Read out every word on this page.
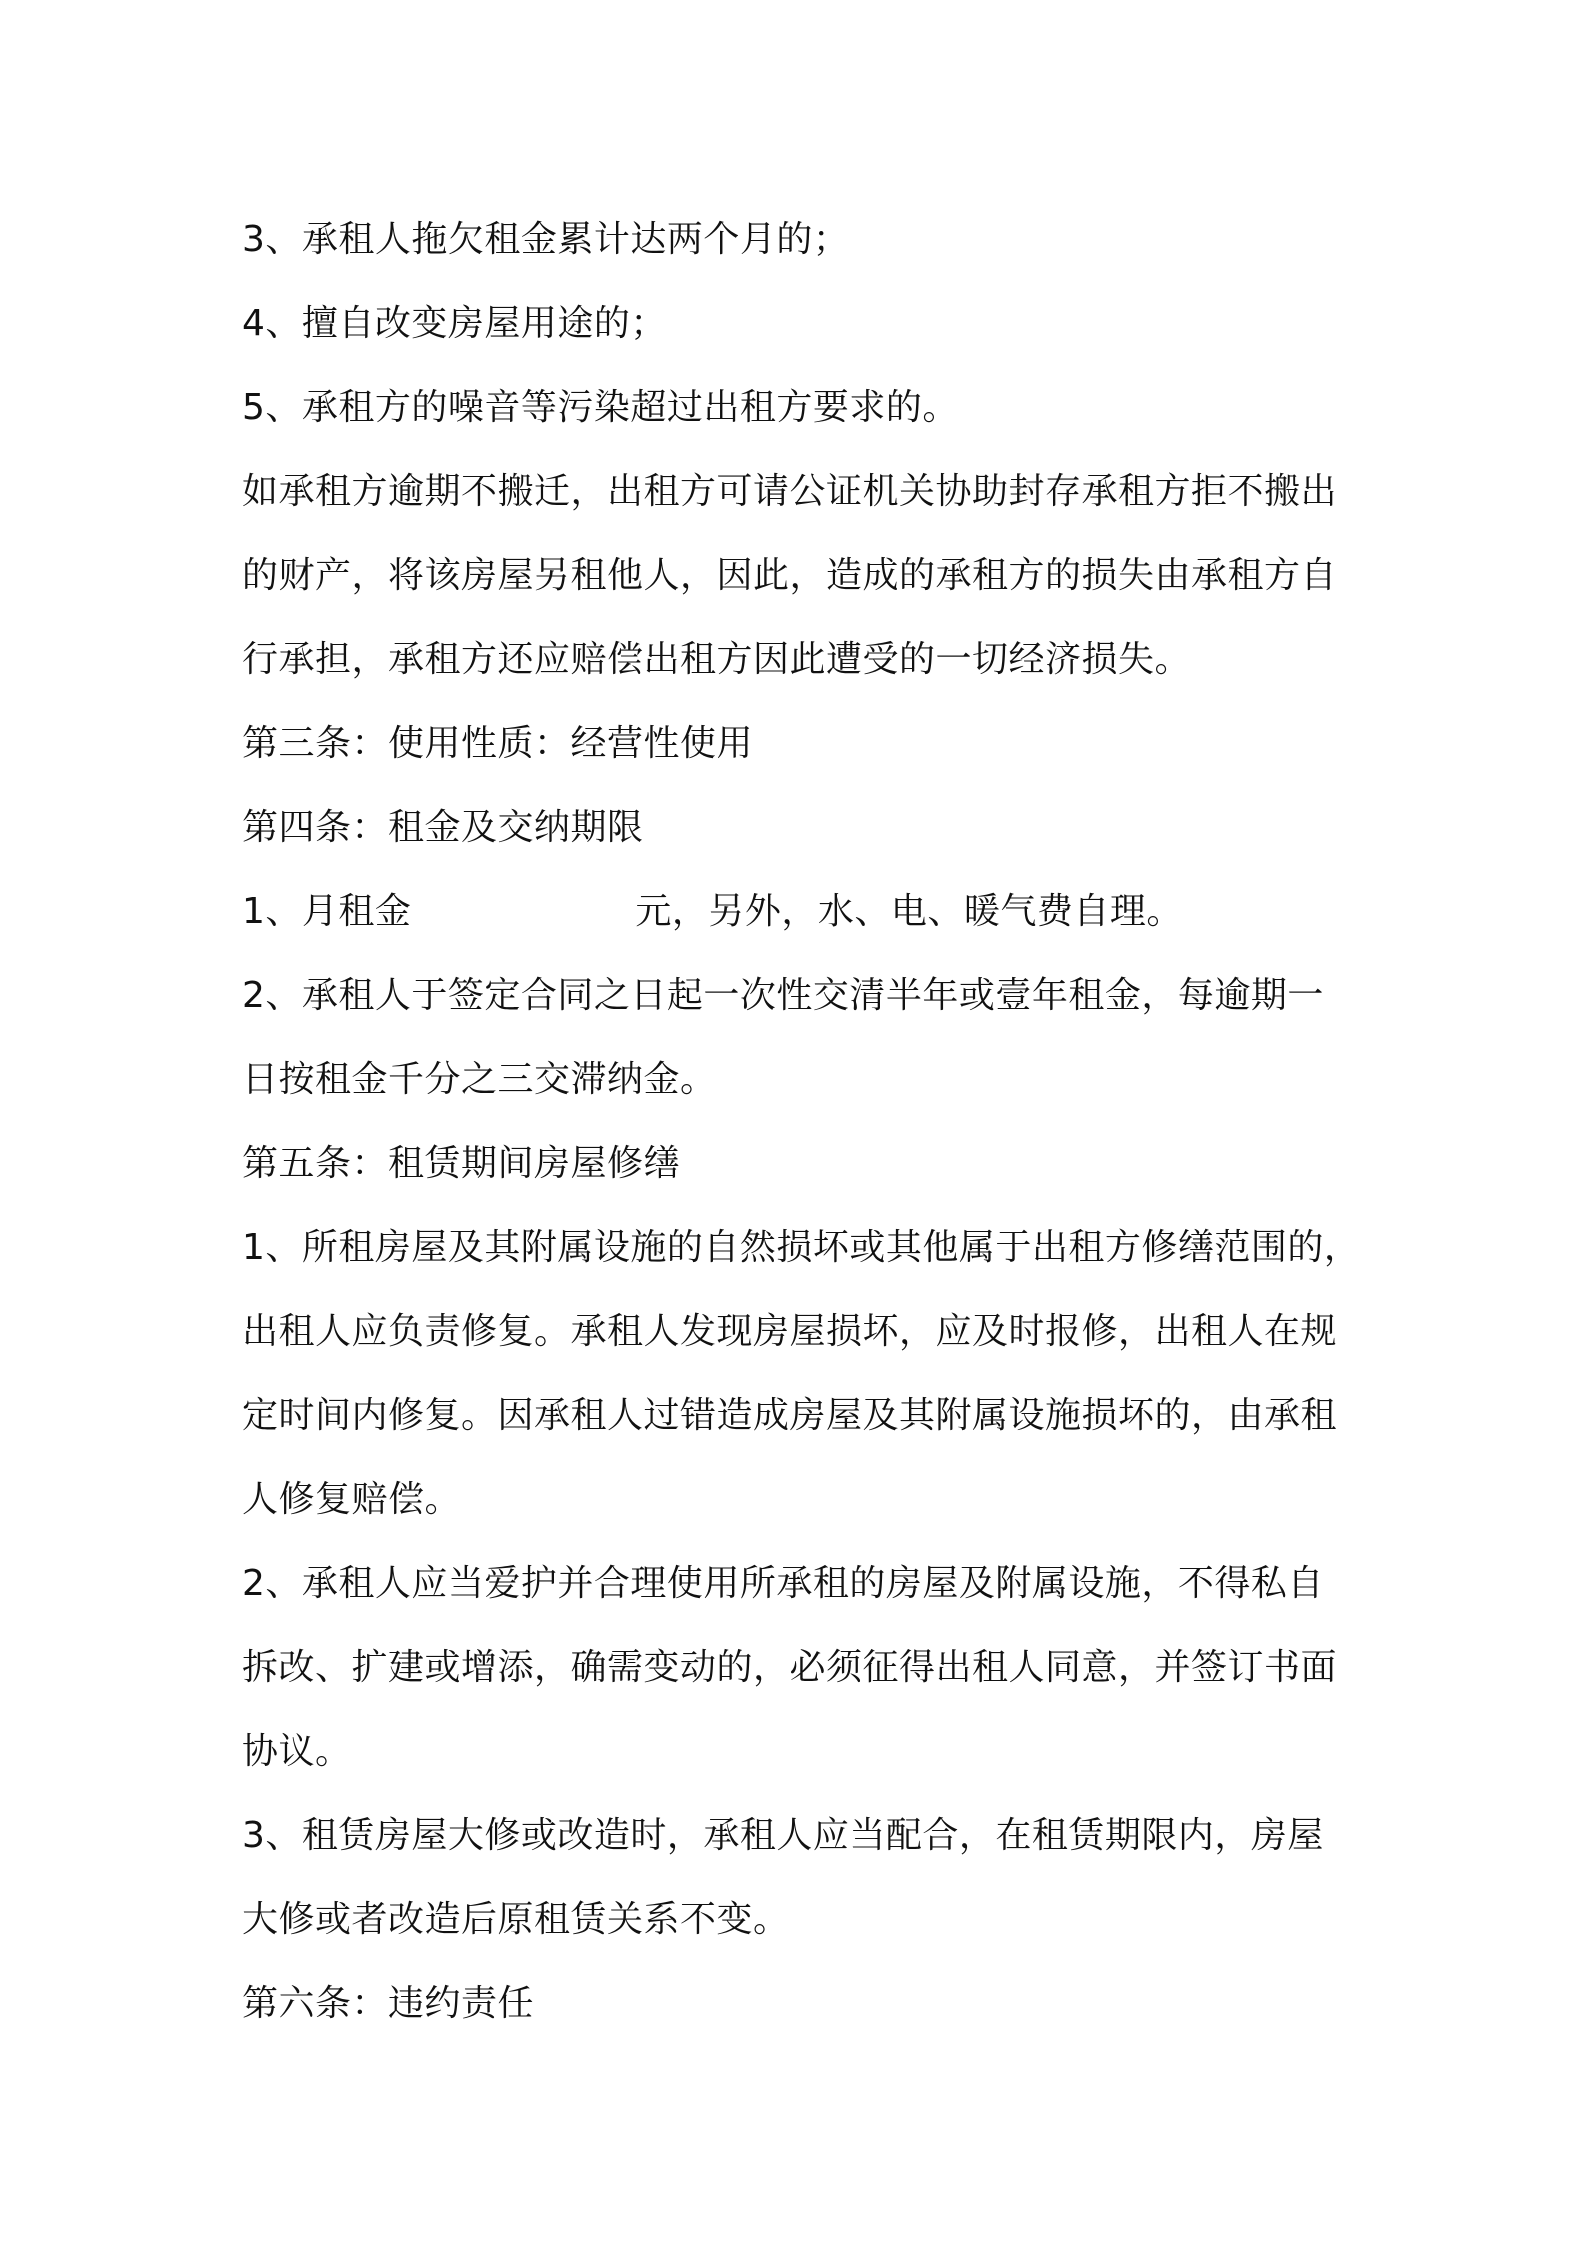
3、承租人拖欠租金累计达两个月的；
4、擅自改变房屋用途的；
5、承租方的噪音等污染超过出租方要求的。
如承租方逾期不搬迁，出租方可请公证机关协助封存承租方拒不搬出
的财产，将该房屋另租他人，因此，造成的承租方的损失由承租方自
行承担，承租方还应赔偿出租方因此遭受的一切经济损失。
第三条：使用性质：经营性使用
第四条：租金及交纳期限
1、月租金	元，另外，水、电、暖气费自理。
2、承租人于签定合同之日起一次性交清半年或壹年租金，每逾期一
日按租金千分之三交滞纳金。
第五条：租赁期间房屋修缮
1、所租房屋及其附属设施的自然损坏或其他属于出租方修缮范围的，
出租人应负责修复。承租人发现房屋损坏，应及时报修，出租人在规
定时间内修复。因承租人过错造成房屋及其附属设施损坏的，由承租
人修复赔偿。
2、承租人应当爱护并合理使用所承租的房屋及附属设施，不得私自
拆改、扩建或增添，确需变动的，必须征得出租人同意，并签订书面
协议。
3、租赁房屋大修或改造时，承租人应当配合，在租赁期限内，房屋
大修或者改造后原租赁关系不变。
第六条：违约责任
